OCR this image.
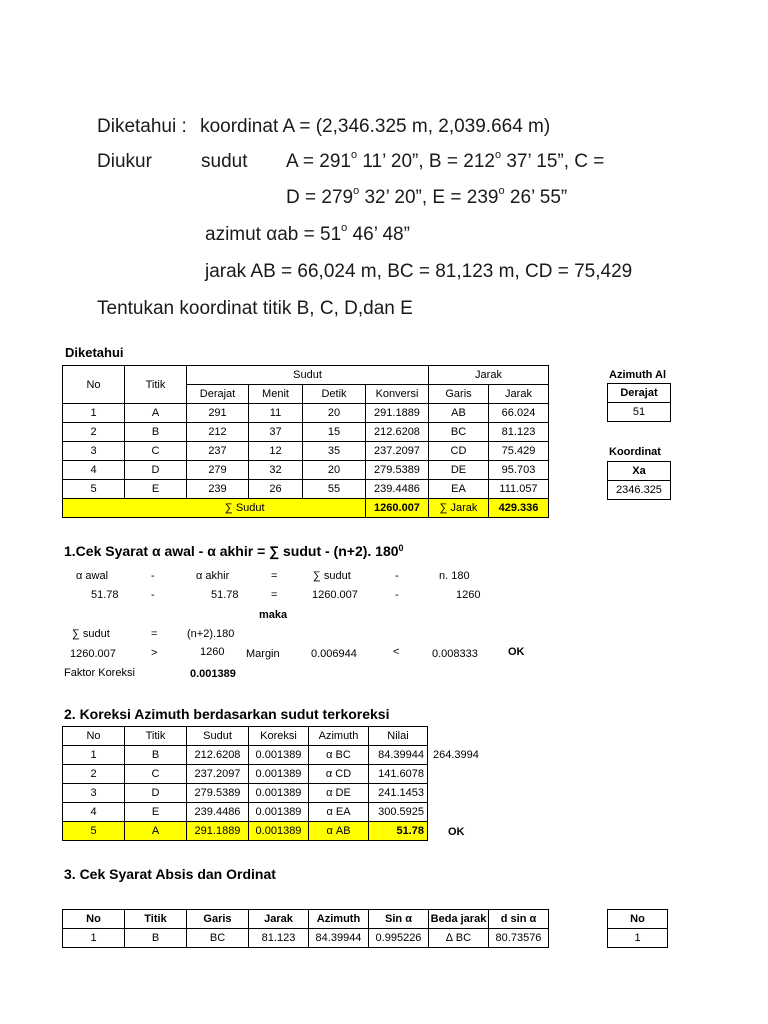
Diketahui : koordinat A = (2,346.325 m, 2,039.664 m)
Diukur	sudut $A = 291^o$ 11’ 20”, $B = 212^o$ 37’ 15”, C =
$D = 279^o$ 32’ 20”, $E = 239^o$ 26’ 55”
azimut $\alpha ab = 51^o$ 46’ 48”
jarak AB = 66,024 m, BC = 81,123 m, CD = 75,429
Tentukan koordinat titik B, C, D,dan E
Diketahui
No	Titik	Sudut				Jarak	
		Derajat	Menit	Detik	Konversi	Garis	Jarak
1	A	291	11	20	291.1889	AB	66.024
2	B	212	37	15	212.6208	BC	81.123
3	C	237	12	35	237.2097	CD	75.429
4	D	279	32	20	279.5389	DE	95.703
5	E	239	26	55	239.4486	EA	111.057
	∑ Sudut				1260.007	∑ Jarak	429.336
Azimuth Al
Derajat
51
Koordinat
Xa
2346.325
1.Cek Syarat α awal - α akhir = ∑ sudut - (n+2). $180^0$
α awal	-	α akhir	=	∑ sudut	-	n. 180
51.78	-	51.78	=	1260.007	-	1260
maka
∑ sudut	=	(n+2).180
1260.007	>	1260 Margin	0.006944	<	0.008333	OK
Faktor Koreksi	0.001389
2. Koreksi Azimuth berdasarkan sudut terkoreksi
No	Titik	Sudut	Koreksi	Azimuth	Nilai
1	B	212.6208	0.001389	α BC	84.39944
2	C	237.2097	0.001389	α CD	141.6078
3	D	279.5389	0.001389	α DE	241.1453
4	E	239.4486	0.001389	α EA	300.5925
5	A	291.1889	0.001389	α AB	51.78
264.3994
OK
3. Cek Syarat Absis dan Ordinat
No	Titik	Garis	Jarak	Azimuth	Sin α	Beda jarak	d sin α
1	B	BC	81.123	84.39944	0.995226	∆ BC	80.73576
No
1
